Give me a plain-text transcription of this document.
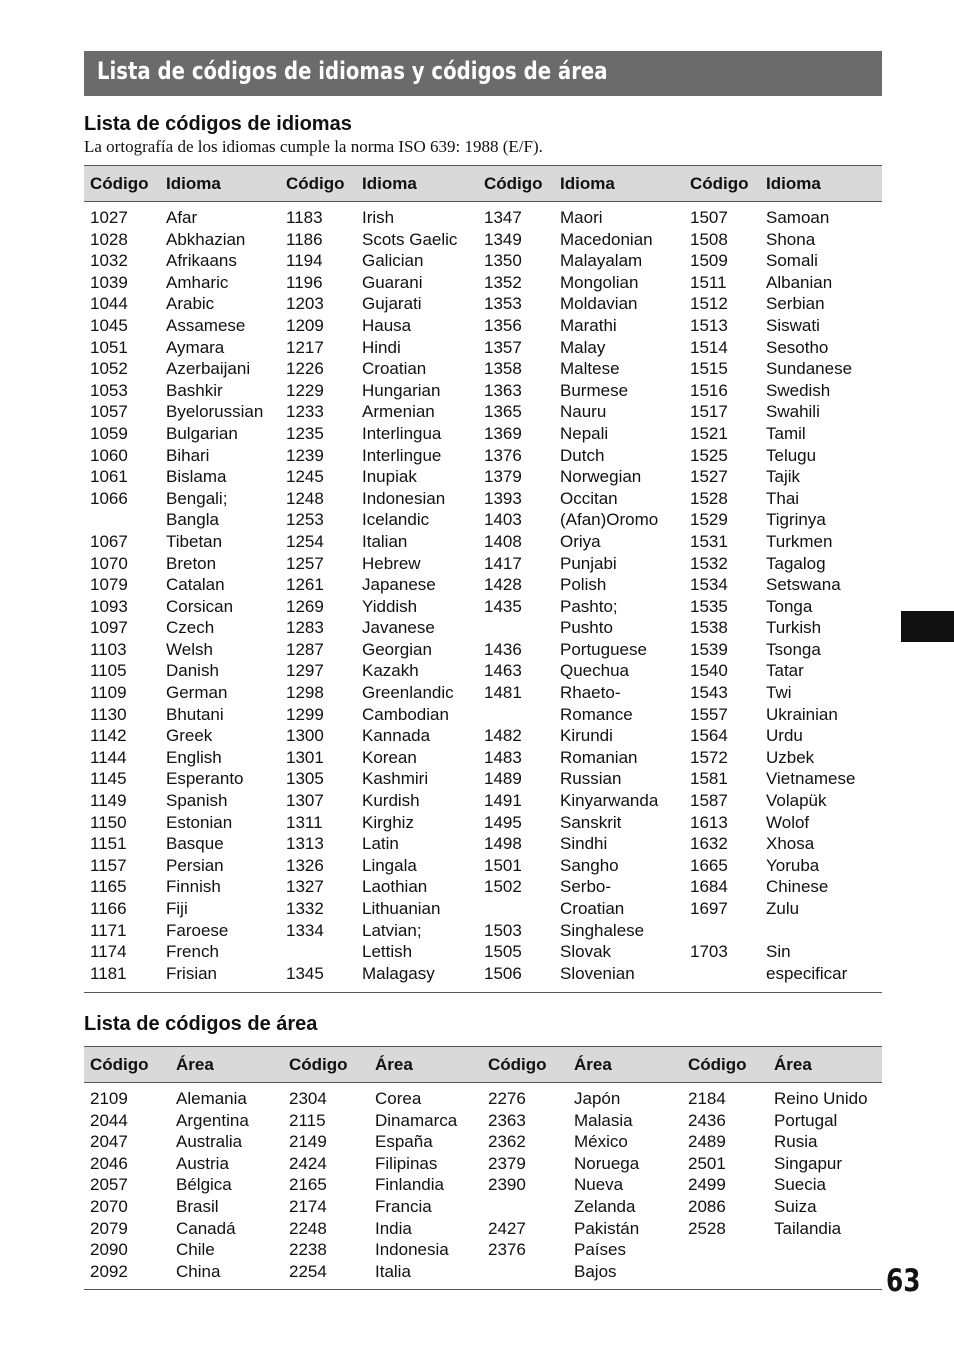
Lista de códigos de idiomas y códigos de área
Lista de códigos de idiomas
La ortografía de los idiomas cumple la norma ISO 639: 1988 (E/F).
Código	Idioma	Código	Idioma	Código	Idioma	Código	Idioma
1027	Afar	1183	Irish	1347	Maori	1507	Samoan
1028	Abkhazian	1186	Scots Gaelic	1349	Macedonian	1508	Shona
1032	Afrikaans	1194	Galician	1350	Malayalam	1509	Somali
1039	Amharic	1196	Guarani	1352	Mongolian	1511	Albanian
1044	Arabic	1203	Gujarati	1353	Moldavian	1512	Serbian
1045	Assamese	1209	Hausa	1356	Marathi	1513	Siswati
1051	Aymara	1217	Hindi	1357	Malay	1514	Sesotho
1052	Azerbaijani	1226	Croatian	1358	Maltese	1515	Sundanese
1053	Bashkir	1229	Hungarian	1363	Burmese	1516	Swedish
1057	Byelorussian	1233	Armenian	1365	Nauru	1517	Swahili
1059	Bulgarian	1235	Interlingua	1369	Nepali	1521	Tamil
1060	Bihari	1239	Interlingue	1376	Dutch	1525	Telugu
1061	Bislama	1245	Inupiak	1379	Norwegian	1527	Tajik
1066	Bengali;	1248	Indonesian	1393	Occitan	1528	Thai
	Bangla	1253	Icelandic	1403	(Afan)Oromo	1529	Tigrinya
1067	Tibetan	1254	Italian	1408	Oriya	1531	Turkmen
1070	Breton	1257	Hebrew	1417	Punjabi	1532	Tagalog
1079	Catalan	1261	Japanese	1428	Polish	1534	Setswana
1093	Corsican	1269	Yiddish	1435	Pashto;	1535	Tonga
1097	Czech	1283	Javanese		Pushto	1538	Turkish
1103	Welsh	1287	Georgian	1436	Portuguese	1539	Tsonga
1105	Danish	1297	Kazakh	1463	Quechua	1540	Tatar
1109	German	1298	Greenlandic	1481	Rhaeto-	1543	Twi
1130	Bhutani	1299	Cambodian		Romance	1557	Ukrainian
1142	Greek	1300	Kannada	1482	Kirundi	1564	Urdu
1144	English	1301	Korean	1483	Romanian	1572	Uzbek
1145	Esperanto	1305	Kashmiri	1489	Russian	1581	Vietnamese
1149	Spanish	1307	Kurdish	1491	Kinyarwanda	1587	Volapük
1150	Estonian	1311	Kirghiz	1495	Sanskrit	1613	Wolof
1151	Basque	1313	Latin	1498	Sindhi	1632	Xhosa
1157	Persian	1326	Lingala	1501	Sangho	1665	Yoruba
1165	Finnish	1327	Laothian	1502	Serbo-	1684	Chinese
1166	Fiji	1332	Lithuanian		Croatian	1697	Zulu
1171	Faroese	1334	Latvian;	1503	Singhalese		
1174	French		Lettish	1505	Slovak	1703	Sin
1181	Frisian	1345	Malagasy	1506	Slovenian		especificar
Lista de códigos de área
Código	Área	Código	Área	Código	Área	Código	Área
2109	Alemania	2304	Corea	2276	Japón	2184	Reino Unido
2044	Argentina	2115	Dinamarca	2363	Malasia	2436	Portugal
2047	Australia	2149	España	2362	México	2489	Rusia
2046	Austria	2424	Filipinas	2379	Noruega	2501	Singapur
2057	Bélgica	2165	Finlandia	2390	Nueva	2499	Suecia
2070	Brasil	2174	Francia		Zelanda	2086	Suiza
2079	Canadá	2248	India	2427	Pakistán	2528	Tailandia
2090	Chile	2238	Indonesia	2376	Países		
2092	China	2254	Italia		Bajos			63
